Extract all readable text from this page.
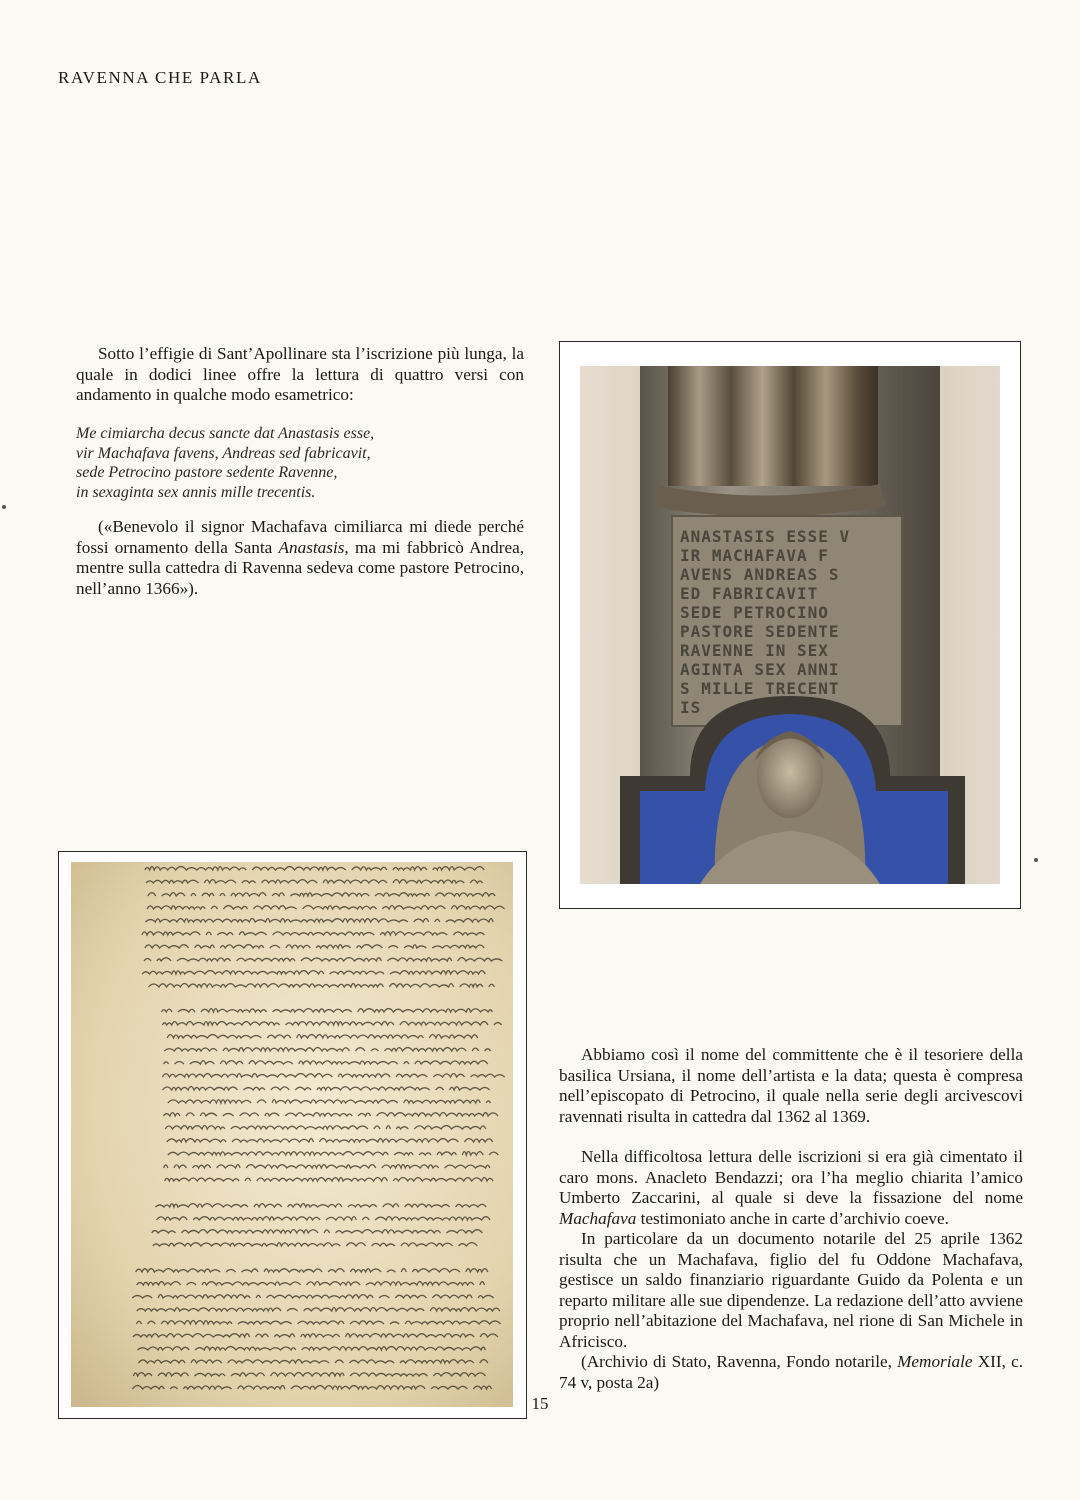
RAVENNA CHE PARLA

Sotto l’effigie di Sant’Apollinare sta l’iscrizione più lunga, la quale in dodici linee offre la lettura di quattro versi con andamento in qualche modo esametrico:

Me cimiarcha decus sancte dat Anastasis esse,
vir Machafava favens, Andreas sed fabricavit,
sede Petrocino pastore sedente Ravenne,
in sexaginta sex annis mille trecentis.

(«Benevolo il signor Machafava cimiliarca mi diede perché fossi ornamento della Santa Anastasis, ma mi fabbricò Andrea, mentre sulla cattedra di Ravenna sedeva come pastore Petrocino, nell’anno 1366»).

ANASTASIS ESSE V
IR MACHAFAVA F
AVENS ANDREAS S
ED FABRICAVIT
SEDE PETROCINO
PASTORE SEDENTE
RAVENNE IN SEX
AGINTA SEX ANNI
S MILLE TRECENT
IS

Abbiamo così il nome del committente che è il tesoriere della basilica Ursiana, il nome dell’artista e la data; questa è compresa nell’episcopato di Petrocino, il quale nella serie degli arcivescovi ravennati risulta in cattedra dal 1362 al 1369.

Nella difficoltosa lettura delle iscrizioni si era già cimentato il caro mons. Anacleto Bendazzi; ora l’ha meglio chiarita l’amico Umberto Zaccarini, al quale si deve la fissazione del nome Machafava testimoniato anche in carte d’archivio coeve.

In particolare da un documento notarile del 25 aprile 1362 risulta che un Machafava, figlio del fu Oddone Machafava, gestisce un saldo finanziario riguardante Guido da Polenta e un reparto militare alle sue dipendenze. La redazione dell’atto avviene proprio nell’abitazione del Machafava, nel rione di San Michele in Africisco.

(Archivio di Stato, Ravenna, Fondo notarile, Memoriale XII, c. 74 v, posta 2a)

15
